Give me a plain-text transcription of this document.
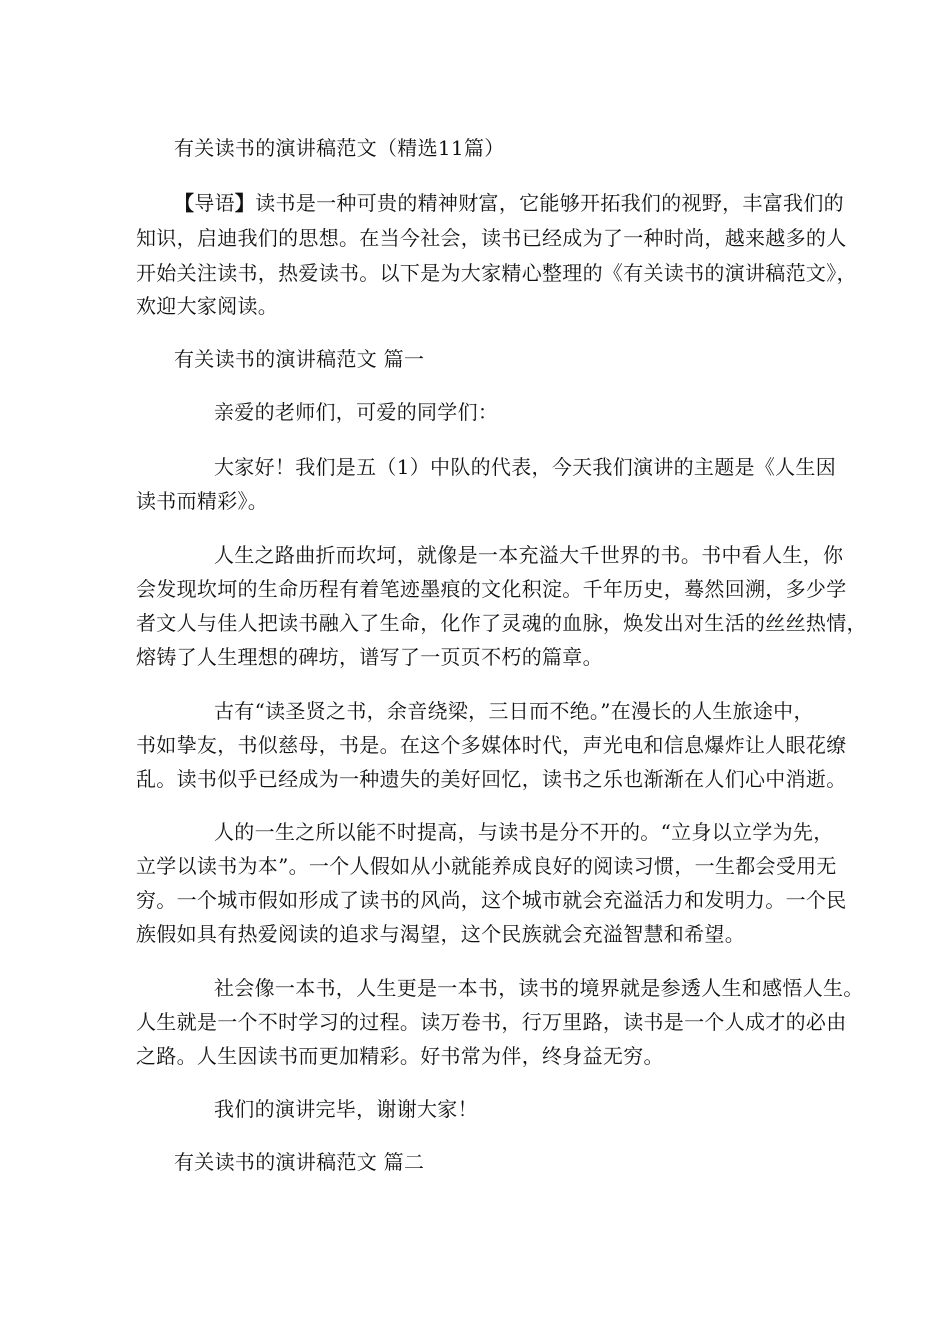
有关读书的演讲稿范文（精选11篇）
【导语】读书是一种可贵的精神财富，它能够开拓我们的视野，丰富我们的
知识，启迪我们的思想。在当今社会，读书已经成为了一种时尚，越来越多的人
开始关注读书，热爱读书。以下是为大家精心整理的《有关读书的演讲稿范文》，
欢迎大家阅读。
有关读书的演讲稿范文 篇一
亲爱的老师们，可爱的同学们：
大家好！我们是五（1）中队的代表，今天我们演讲的主题是《人生因
读书而精彩》。
人生之路曲折而坎坷，就像是一本充溢大千世界的书。书中看人生，你
会发现坎坷的生命历程有着笔迹墨痕的文化积淀。千年历史，蓦然回溯，多少学
者文人与佳人把读书融入了生命，化作了灵魂的血脉，焕发出对生活的丝丝热情，
熔铸了人生理想的碑坊，谱写了一页页不朽的篇章。
古有“读圣贤之书，余音绕梁，三日而不绝。”在漫长的人生旅途中，
书如挚友，书似慈母，书是。在这个多媒体时代，声光电和信息爆炸让人眼花缭
乱。读书似乎已经成为一种遗失的美好回忆，读书之乐也渐渐在人们心中消逝。
人的一生之所以能不时提高，与读书是分不开的。“立身以立学为先，
立学以读书为本”。一个人假如从小就能养成良好的阅读习惯，一生都会受用无
穷。一个城市假如形成了读书的风尚，这个城市就会充溢活力和发明力。一个民
族假如具有热爱阅读的追求与渴望，这个民族就会充溢智慧和希望。
社会像一本书，人生更是一本书，读书的境界就是参透人生和感悟人生。
人生就是一个不时学习的过程。读万卷书，行万里路，读书是一个人成才的必由
之路。人生因读书而更加精彩。好书常为伴，终身益无穷。
我们的演讲完毕，谢谢大家！
有关读书的演讲稿范文 篇二
